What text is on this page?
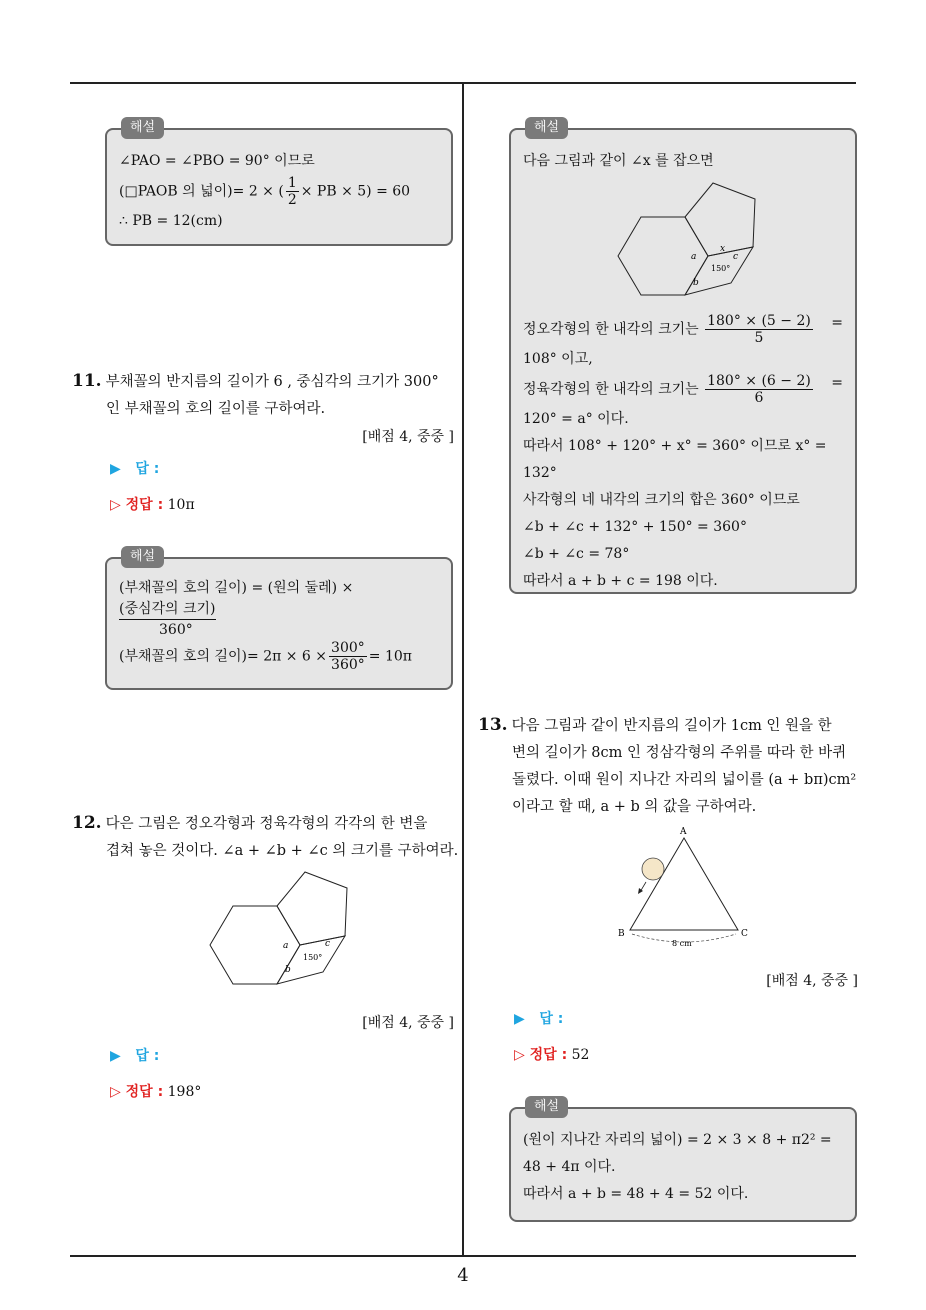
해설
∠PAO = ∠PBO = 90° 이므로
(□PAOB 의 넓이)= 2 × ( $\frac{1}{2}$ × PB × 5) = 60
∴ PB = 12(cm)
11. 부채꼴의 반지름의 길이가 6 , 중심각의 크기가 300°
인 부채꼴의 호의 길이를 구하여라.
[배점 4, 중중 ]
▶   답 :
▷ 정답 : 10π
해설
(부채꼴의 호의 길이) = (원의 둘레) ×
(중심각의 크기)
360°
(부채꼴의 호의 길이)= $2\pi \times 6 \times \frac{300^\circ}{360^\circ} = 10\pi$
12. 다은 그림은 정오각형과 정육각형의 각각의 한 변을
겹쳐 놓은 것이다. ∠a + ∠b + ∠c 의 크기를 구하여라.
a	c
b
150°
[배점 4, 중중 ]
▶   답 :
▷ 정답 : 198°
해설
다음 그림과 같이 ∠x 를 잡으면
a
x
c
b
150°
정오각형의 한 내각의 크기는 $\frac{180^\circ \times (5 - 2)}{5}$ =
108° 이고,
정육각형의 한 내각의 크기는 $\frac{180^\circ \times (6 - 2)}{6}$ =
120° = a° 이다.
따라서 108° + 120° + x° = 360° 이므로 x° =
132°
사각형의 네 내각의 크기의 합은 360° 이므로
∠b + ∠c + 132° + 150° = 360°
∠b + ∠c = 78°
따라서 a + b + c = 198 이다.
13. 다음 그림과 같이 반지름의 길이가 1cm 인 원을 한
변의 길이가 8cm 인 정삼각형의 주위를 따라 한 바퀴
돌렸다. 이때 원이 지나간 자리의 넓이를 (a + bπ)cm²
이라고 할 때, a + b 의 값을 구하여라.
A
B	C
8 cm
[배점 4, 중중 ]
▶   답 :
▷ 정답 : 52
해설
(원이 지나간 자리의 넓이) = 2 × 3 × 8 + π2² =
48 + 4π 이다.
따라서 a + b = 48 + 4 = 52 이다.
4
